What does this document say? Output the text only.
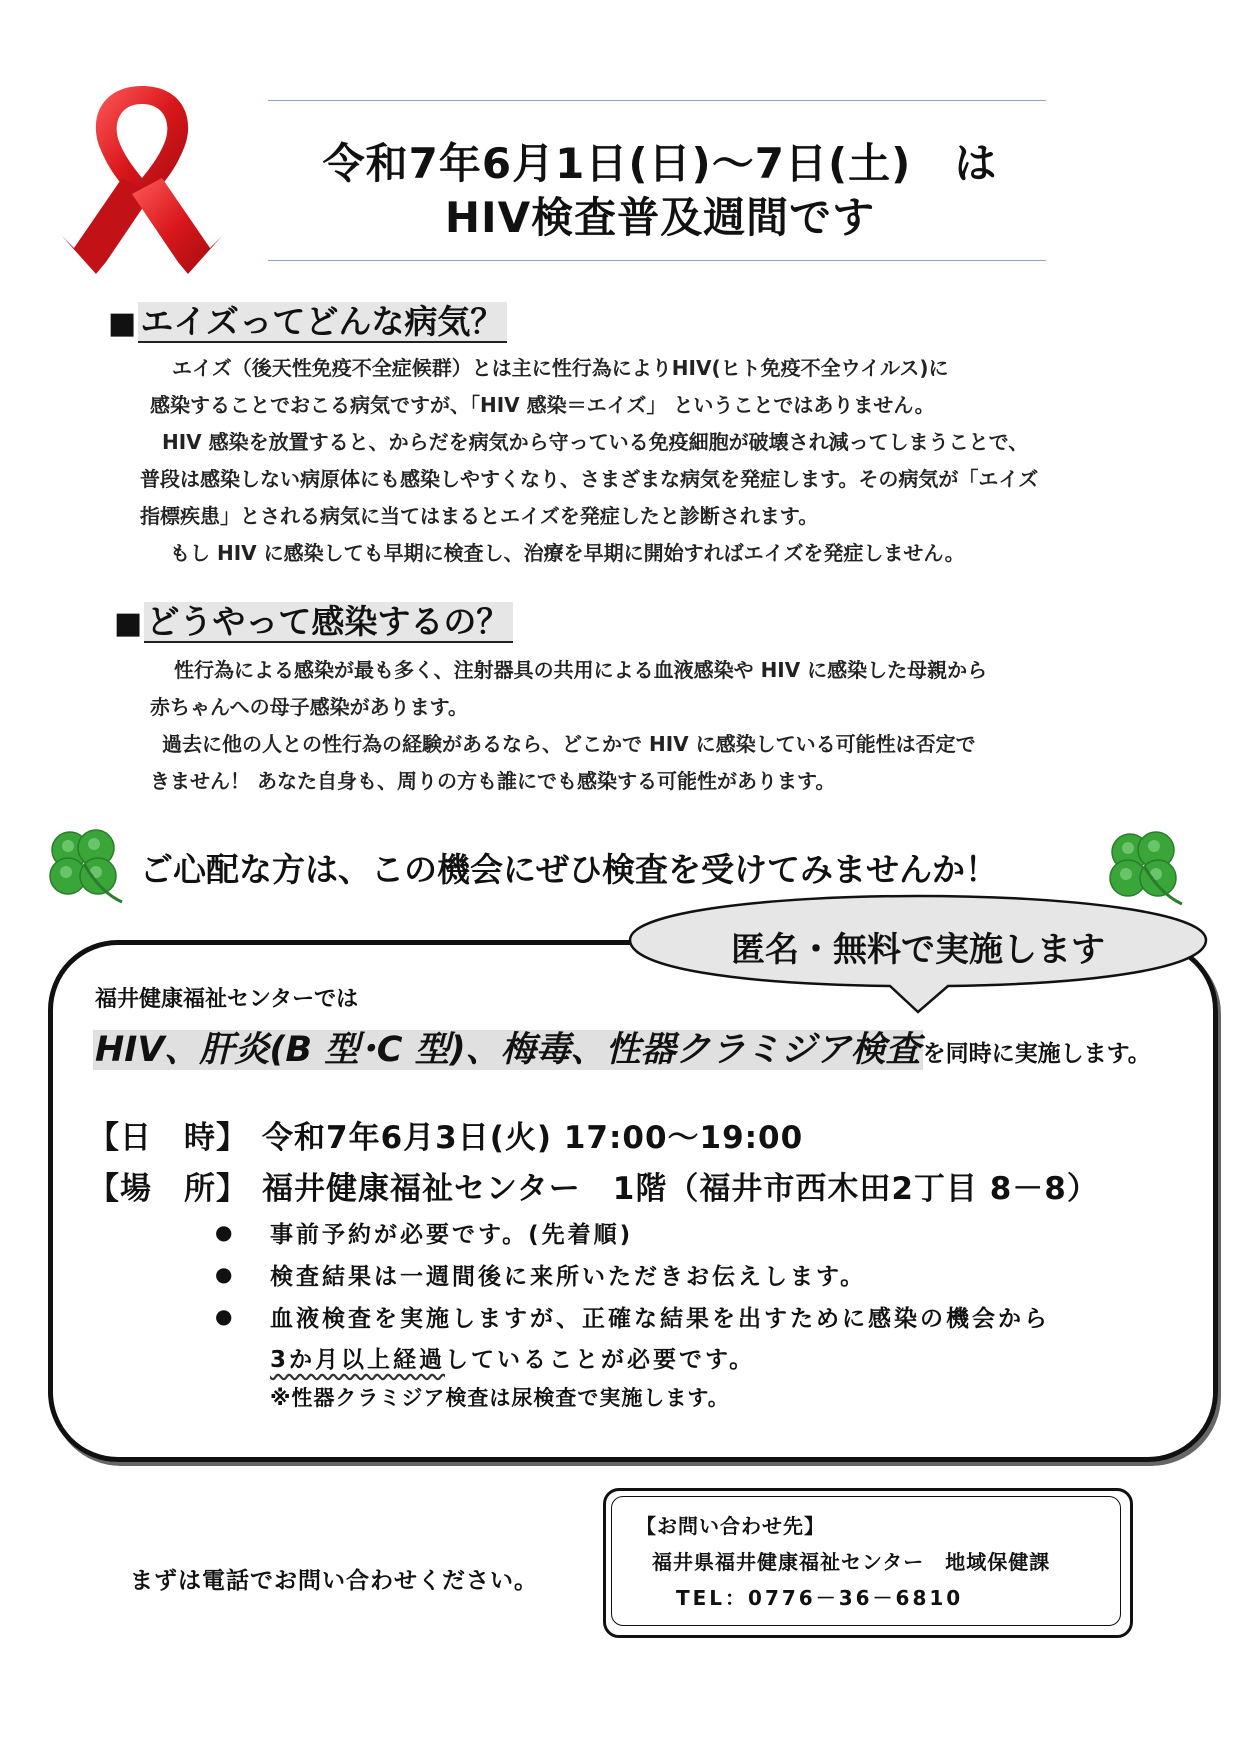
令和7年6月1日(日)～7日(土)　は
HIV検査普及週間です
■ エイズってどんな病気？
エイズ（後天性免疫不全症候群）とは主に性行為によりHIV(ヒト免疫不全ウイルス)に
感染することでおこる病気ですが、「HIV 感染＝エイズ」 ということではありません。
HIV 感染を放置すると、からだを病気から守っている免疫細胞が破壊され減ってしまうことで、
普段は感染しない病原体にも感染しやすくなり、さまざまな病気を発症します。その病気が「エイズ
指標疾患」とされる病気に当てはまるとエイズを発症したと診断されます。
もし HIV に感染しても早期に検査し、治療を早期に開始すればエイズを発症しません。
■ どうやって感染するの？
性行為による感染が最も多く、注射器具の共用による血液感染や HIV に感染した母親から
赤ちゃんへの母子感染があります。
過去に他の人との性行為の経験があるなら、どこかで HIV に感染している可能性は否定で
きません！ あなた自身も、周りの方も誰にでも感染する可能性があります。
ご心配な方は、この機会にぜひ検査を受けてみませんか！
匿名・無料で実施します
福井健康福祉センターでは
HIV、肝炎(B 型･C 型)、梅毒、性器クラミジア検査を同時に実施します。
【日　時】 令和7年6月3日(火) 17:00～19:00
【場　所】 福井健康福祉センター　1階（福井市西木田2丁目 8－8）
● 事前予約が必要です。(先着順)
● 検査結果は一週間後に来所いただきお伝えします。
● 血液検査を実施しますが、正確な結果を出すために感染の機会から
3か月以上経過していることが必要です。
※性器クラミジア検査は尿検査で実施します。
まずは電話でお問い合わせください。
【お問い合わせ先】
福井県福井健康福祉センター　地域保健課
TEL：0776－36－6810
